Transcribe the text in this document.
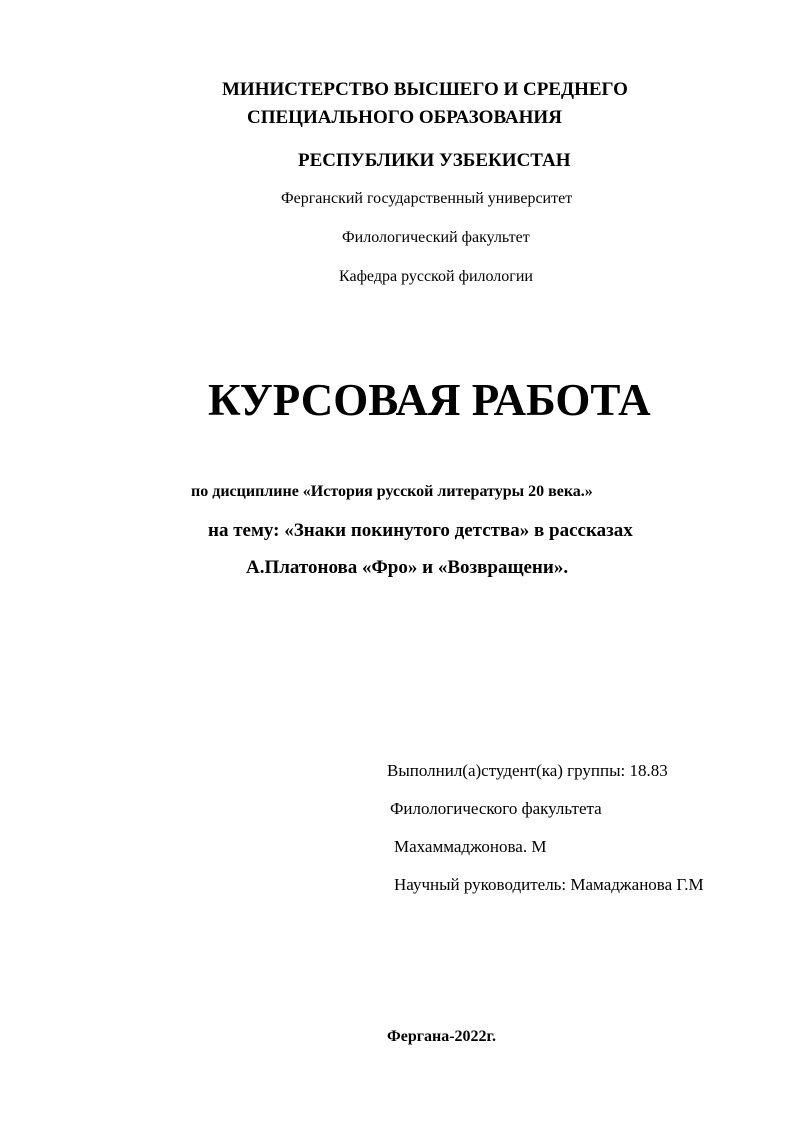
МИНИСТЕРСТВО ВЫСШЕГО И СРЕДНЕГО
СПЕЦИАЛЬНОГО ОБРАЗОВАНИЯ
РЕСПУБЛИКИ УЗБЕКИСТАН
Ферганский государственный университет
Филологический факультет
Кафедра русской филологии
КУРСОВАЯ РАБОТА
по дисциплине «История русской литературы 20 века.»
на тему: «Знаки покинутого детства» в рассказах
А.Платонова «Фро» и «Возвращени».
Выполнил(а)студент(ка) группы: 18.83
Филологического факультета
Махаммаджонова. М
Научный руководитель: Мамаджанова Г.М
Фергана-2022г.
